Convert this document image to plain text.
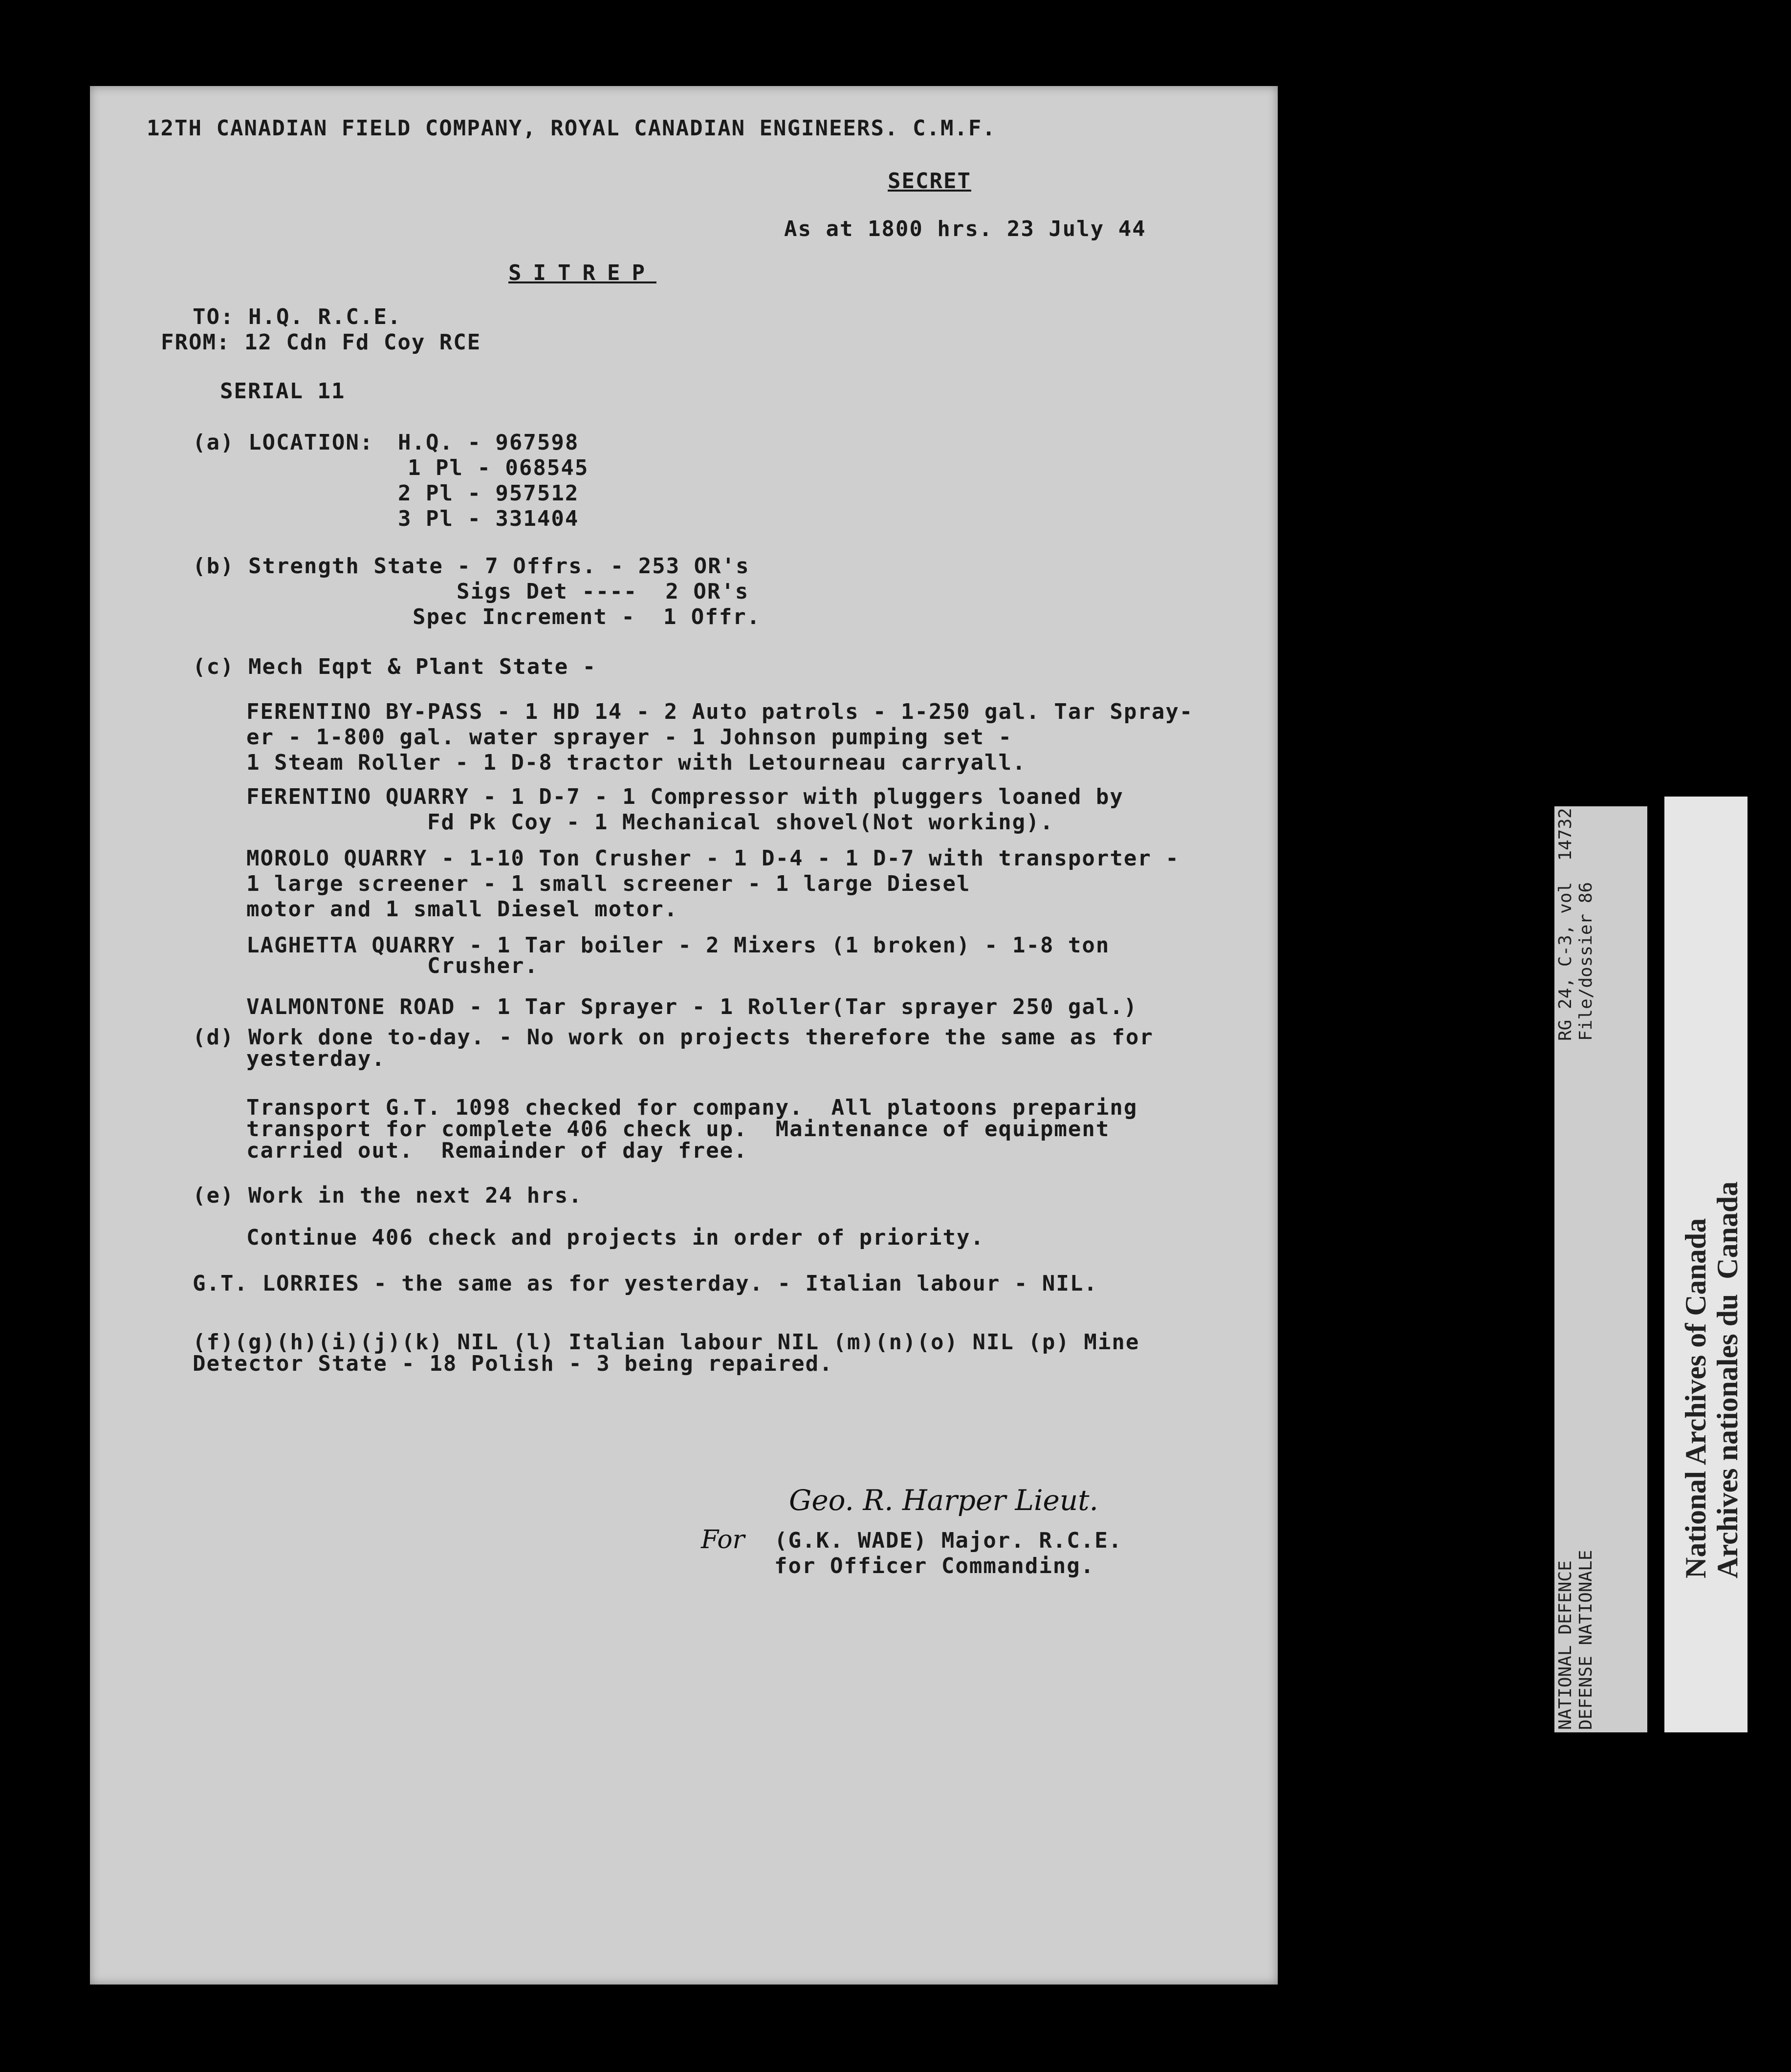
12TH CANADIAN FIELD COMPANY, ROYAL CANADIAN ENGINEERS. C.M.F.
SECRET
As at 1800 hrs. 23 July 44
SITREP
TO: H.Q. R.C.E.
FROM: 12 Cdn Fd Coy RCE
SERIAL 11
(a) LOCATION: H.Q. - 967598
1 Pl - 068545
2 Pl - 957512
3 Pl - 331404
(b) Strength State - 7 Offrs. - 253 OR's
Sigs Det ----  2 OR's
Spec Increment -  1 Offr.
(c) Mech Eqpt & Plant State -
FERENTINO BY-PASS - 1 HD 14 - 2 Auto patrols - 1-250 gal. Tar Spray-
er - 1-800 gal. water sprayer - 1 Johnson pumping set -
1 Steam Roller - 1 D-8 tractor with Letourneau carryall.
FERENTINO QUARRY - 1 D-7 - 1 Compressor with pluggers loaned by
Fd Pk Coy - 1 Mechanical shovel(Not working).
MOROLO QUARRY - 1-10 Ton Crusher - 1 D-4 - 1 D-7 with transporter -
1 large screener - 1 small screener - 1 large Diesel
motor and 1 small Diesel motor.
LAGHETTA QUARRY - 1 Tar boiler - 2 Mixers (1 broken) - 1-8 ton
Crusher.
VALMONTONE ROAD - 1 Tar Sprayer - 1 Roller(Tar sprayer 250 gal.)
(d) Work done to-day. - No work on projects therefore the same as for
yesterday.
Transport G.T. 1098 checked for company.  All platoons preparing
transport for complete 406 check up.  Maintenance of equipment
carried out.  Remainder of day free.
(e) Work in the next 24 hrs.
Continue 406 check and projects in order of priority.
G.T. LORRIES - the same as for yesterday. - Italian labour - NIL.
(f)(g)(h)(i)(j)(k) NIL (l) Italian labour NIL (m)(n)(o) NIL (p) Mine
Detector State - 18 Polish - 3 being repaired.
Geo. R. Harper Lieut.
For (G.K. WADE) Major. R.C.E.
for Officer Commanding.
RG 24, C-3, vol  14732 File/dossier 86
NATIONAL DEFENCE DEFENSE NATIONALE
National Archives of Canada Archives nationales du  Canada
